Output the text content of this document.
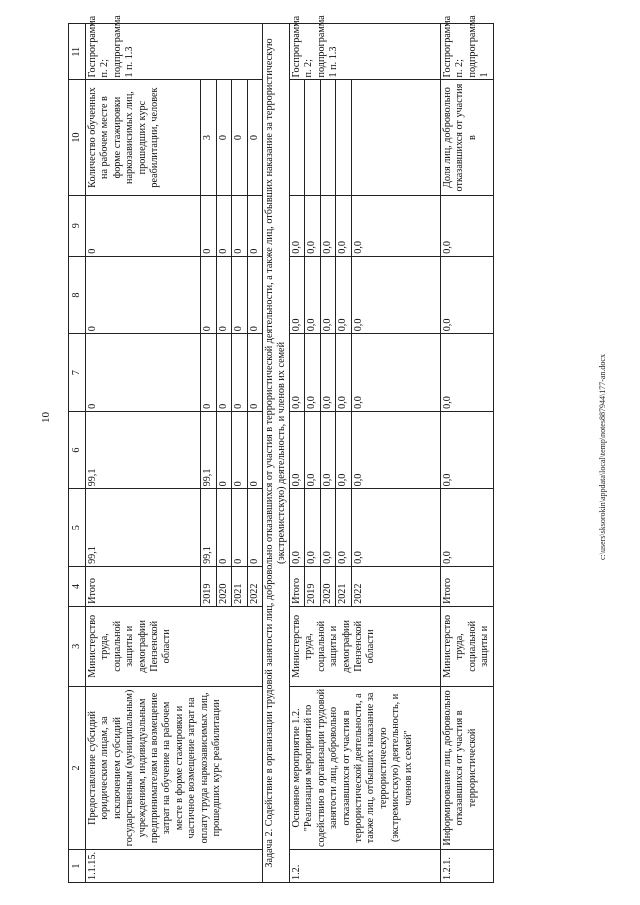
10	c:\users\sksorokin\appdata\local\temp\notes887944\177-an.docx
1	2	3	4	5	6	7	8	9	10	11
1.1.15.	Предоставление субсидий юридическим лицам, за исключением субсидий государственным (муниципальным) учреждениям, индивидуальным предпринимателям на возмещение затрат на обучение на рабочем месте в форме стажировки и частичное возмещение затрат на оплату труда наркозависимых лиц, прошедших курс реабилитации	Министерство труда, социальной защиты и демографии Пензенской области	Итого	99,1	99,1	0	0	0	Количество обученных на рабочем месте в форме стажировки наркозависимых лиц, прошедших курс реабилитации, человек	Госпрограмма п. 2; подпрограмма 1 п. 1.3
			2019	99,1	99,1	0	0	0	3	
			2020	0	0	0	0	0	0	
			2021	0	0	0	0	0	0	
			2022	0	0	0	0	0	0	
Задача 2. Содействие в организации трудовой занятости лиц, добровольно отказавшихся от участия в террористической деятельности, а также лиц, отбывших наказание за террористическую (экстремистскую) деятельность, и членов их семей										
1.2.	Основное мероприятие 1.2. "Реализация мероприятий по содействию в организации трудовой занятости лиц, добровольно отказавшихся от участия в террористической деятельности, а также лиц, отбывших наказание за террористическую (экстремистскую) деятельность, и членов их семей"	Министерство труда, социальной защиты и демографии Пензенской области	Итого	0,0	0,0	0,0	0,0	0,0		Госпрограмма п. 2; подпрограмма 1 п. 1.3
			2019	0,0	0,0	0,0	0,0	0,0		
			2020	0,0	0,0	0,0	0,0	0,0		
			2021	0,0	0,0	0,0	0,0	0,0		
			2022	0,0	0,0	0,0	0,0	0,0		
1.2.1.	Информирование лиц, добровольно отказавшихся от участия в террористической	Министерство труда, социальной защиты и	Итого	0,0	0,0	0,0	0,0	0,0	Доля лиц, добровольно отказавшихся от участия в	Госпрограмма п. 2; подпрограмма 1
